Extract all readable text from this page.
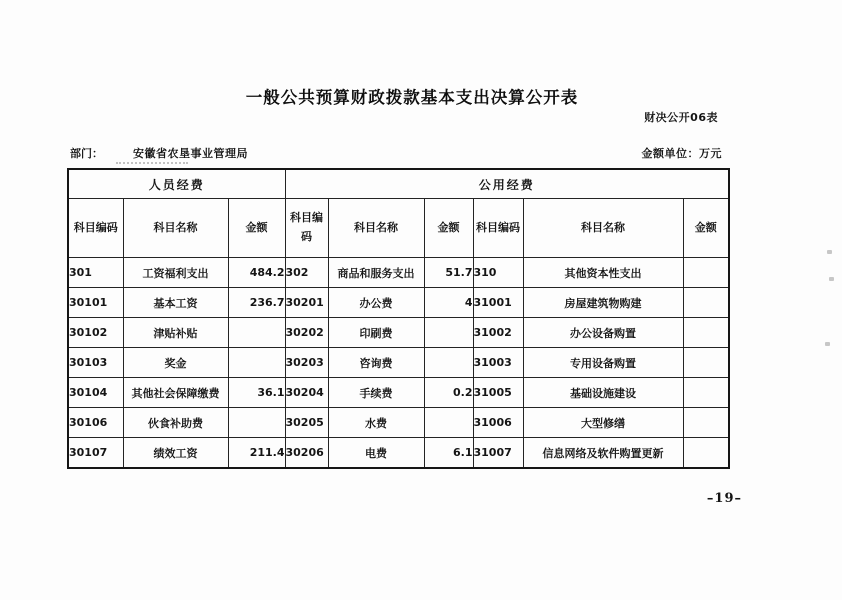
一般公共预算财政拨款基本支出决算公开表
财决公开06表
部门：	安徽省农垦事业管理局	金额单位：万元
人员经费			公用经费					
科目编码	科目名称	金额	科目编码	科目名称	金额	科目编码	科目名称	金额
301	工资福利支出	484.2	302	商品和服务支出	51.7	310	其他资本性支出	
30101	基本工资	236.7	30201	办公费	4	31001	房屋建筑物购建	
30102	津贴补贴		30202	印刷费		31002	办公设备购置	
30103	奖金		30203	咨询费		31003	专用设备购置	
30104	其他社会保障缴费	36.1	30204	手续费	0.2	31005	基础设施建设	
30106	伙食补助费		30205	水费		31006	大型修缮	
30107	绩效工资	211.4	30206	电费	6.1	31007	信息网络及软件购置更新	
–19–
